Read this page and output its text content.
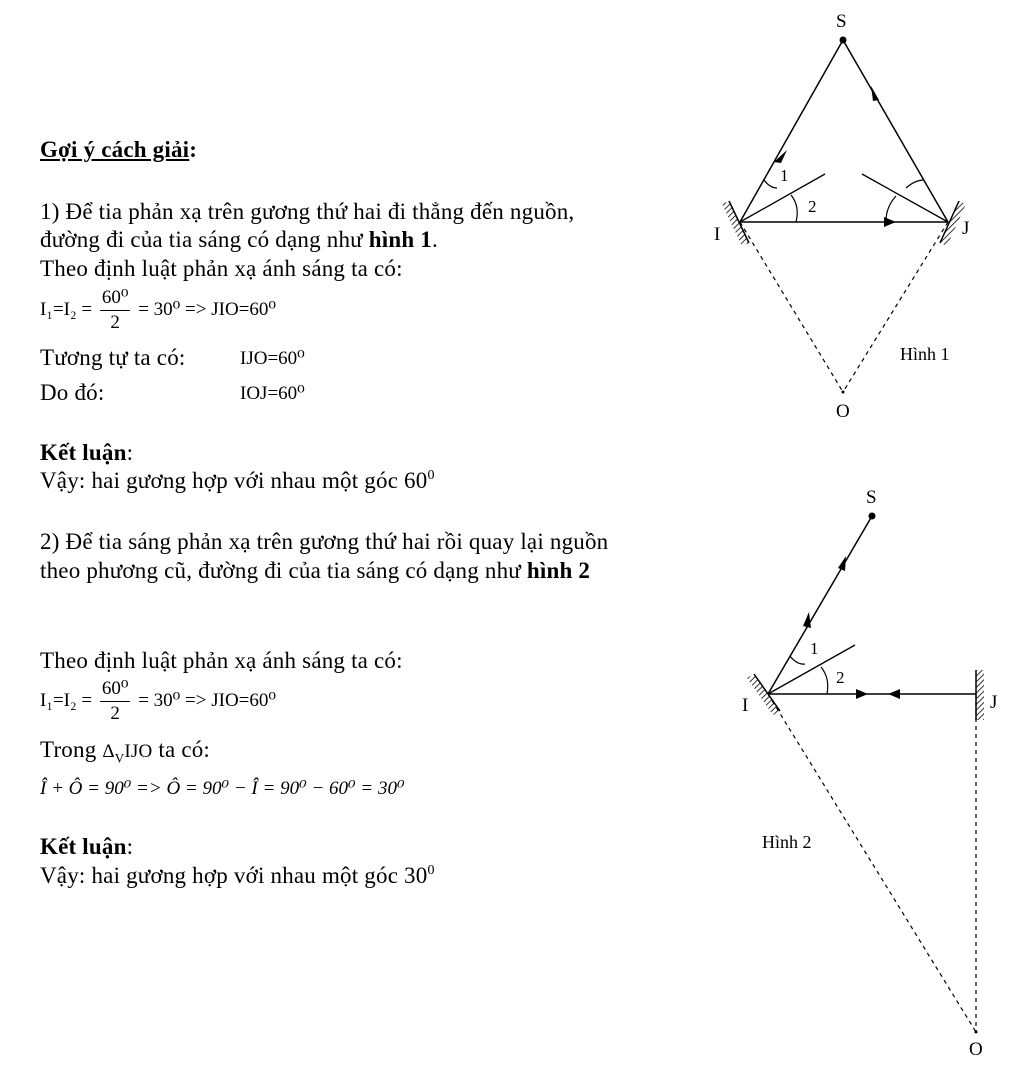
Gợi ý cách giải:

1) Để tia phản xạ trên gương thứ hai đi thẳng đến nguồn,

đường đi của tia sáng có dạng như hình 1.

Theo định luật phản xạ ánh sáng ta có:

$I_1=I_2 = \frac{\text{60⁰}}{2} = 30^0 => JIO=60^0$

Tương tự ta có:	IJO=60⁰

Do đó:	IOJ=60⁰

Kết luận:

Vậy: hai gương hợp với nhau một góc $60^0$

2) Để tia sáng phản xạ trên gương thứ hai rồi quay lại nguồn

theo phương cũ, đường đi của tia sáng có dạng như hình 2

Theo định luật phản xạ ánh sáng ta có:

$I_1=I_2 = \frac{\text{60⁰}}{2} = 30^0 => JIO=60^0$

Trong $\Delta_VIJO$ ta có:

Î + Ô = 90⁰ => Ô = 90⁰ − Î = 90⁰ − 60⁰ = 30⁰

Kết luận:

Vậy: hai gương hợp với nhau một góc $30^0$

S
I	J
O
1
2
Hình 1
S
I	J
O
1
2
Hình 2
